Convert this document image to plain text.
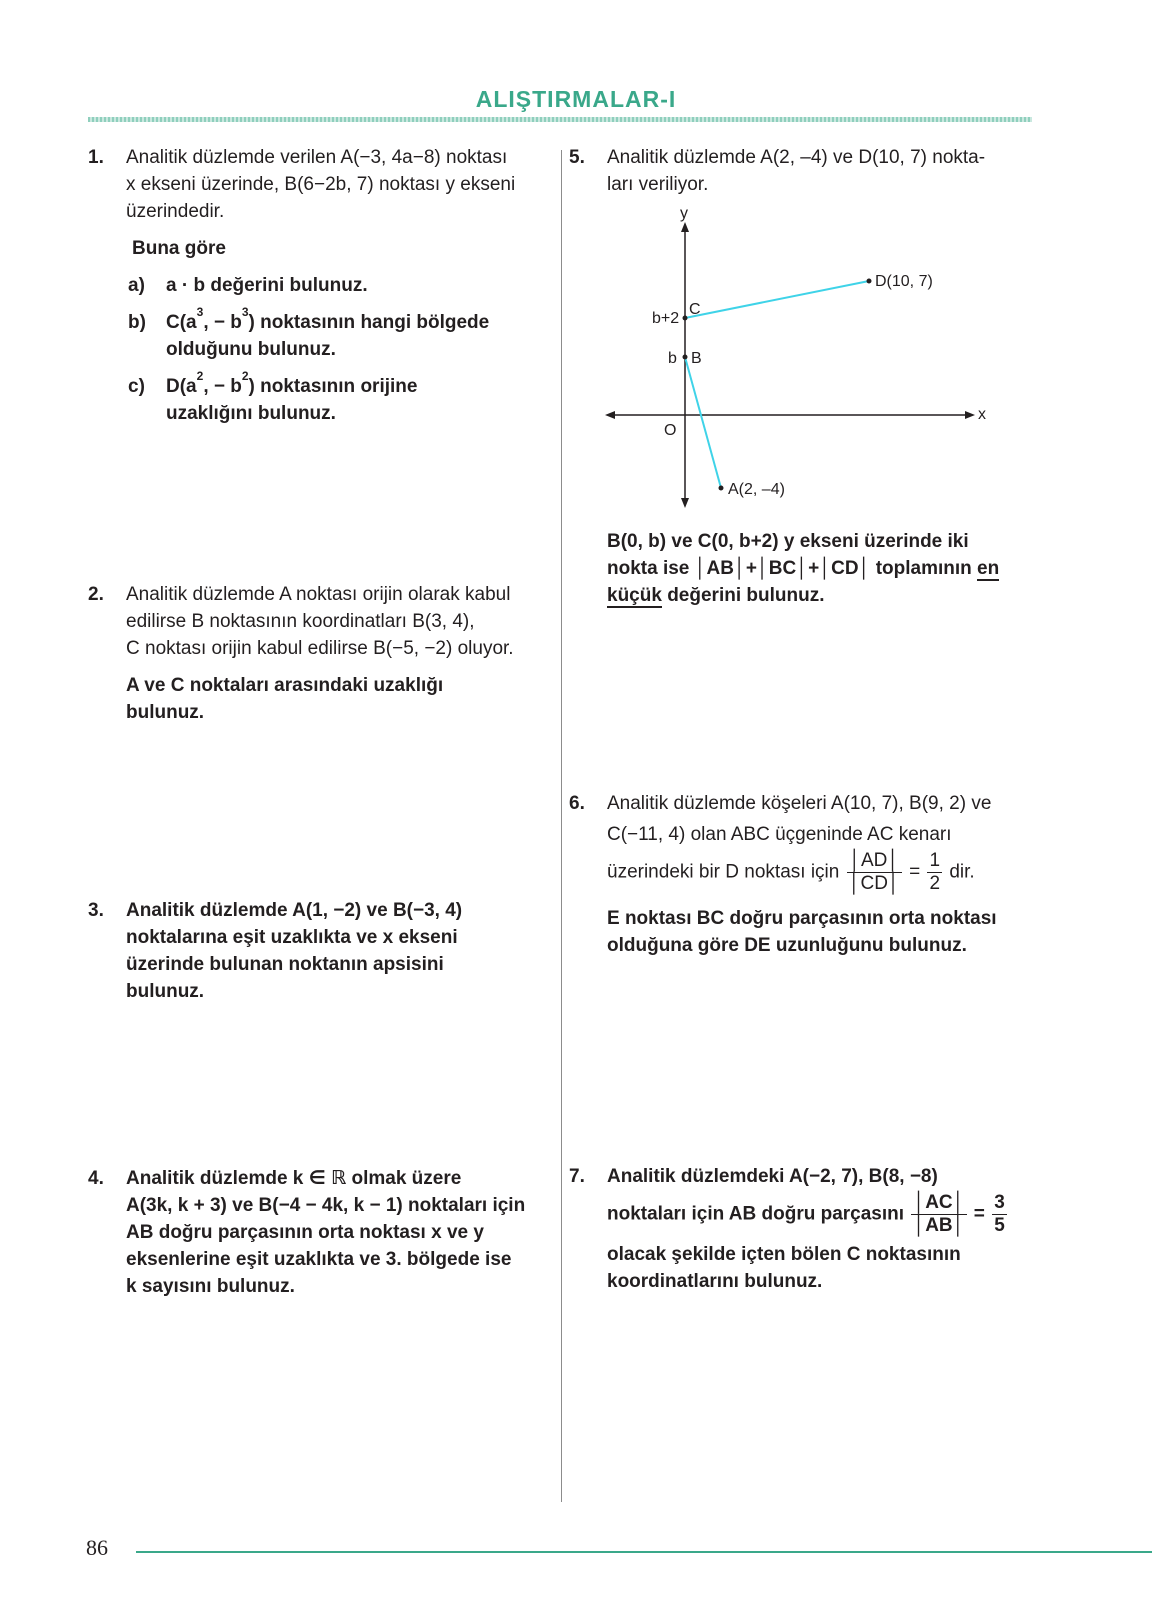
ALIŞTIRMALAR-I
1. Analitik düzlemde verilen A(−3, 4a−8) noktası
x ekseni üzerinde, B(6−2b, 7) noktası y ekseni
üzerindedir.
Buna göre
a) a · b değerini bulunuz.
b) $C(a^3$, − $b^3$) noktasının hangi bölgede
olduğunu bulunuz.
c) $D(a^2$, − $b^2$) noktasının orijine
uzaklığını bulunuz.
2. Analitik düzlemde A noktası orijin olarak kabul
edilirse B noktasının koordinatları B(3, 4),
C noktası orijin kabul edilirse B(−5, −2) oluyor.
A ve C noktaları arasındaki uzaklığı
bulunuz.
3. Analitik düzlemde A(1, −2) ve B(−3, 4)
noktalarına eşit uzaklıkta ve x ekseni
üzerinde bulunan noktanın apsisini
bulunuz.
4. Analitik düzlemde k ∈ ℝ olmak üzere
A(3k, k + 3) ve B(−4 − 4k, k − 1) noktaları için
AB doğru parçasının orta noktası x ve y
eksenlerine eşit uzaklıkta ve 3. bölgede ise
k sayısını bulunuz.
5. Analitik düzlemde A(2, –4) ve D(10, 7) nokta-
ları veriliyor.
y
x
O
D(10, 7)
b+2
C
b B
A(2, –4)
B(0, b) ve C(0, b+2) y ekseni üzerinde iki
nokta ise │AB│+│BC│+│CD│ toplamının en
küçük değerini bulunuz.
6. Analitik düzlemde köşeleri A(10, 7), B(9, 2) ve
C(−11, 4) olan ABC üçgeninde AC kenarı
üzerindeki bir D noktası için $\frac{│AD│}{│CD│} = \frac{1}{2}$ dir.
E noktası BC doğru parçasının orta noktası
olduğuna göre DE uzunluğunu bulunuz.
7. Analitik düzlemdeki A(−2, 7), B(8, −8)
noktaları için AB doğru parçasını $\frac{│AC│}{│AB│} = \frac{3}{5}$
olacak şekilde içten bölen C noktasının
koordinatlarını bulunuz.
86
